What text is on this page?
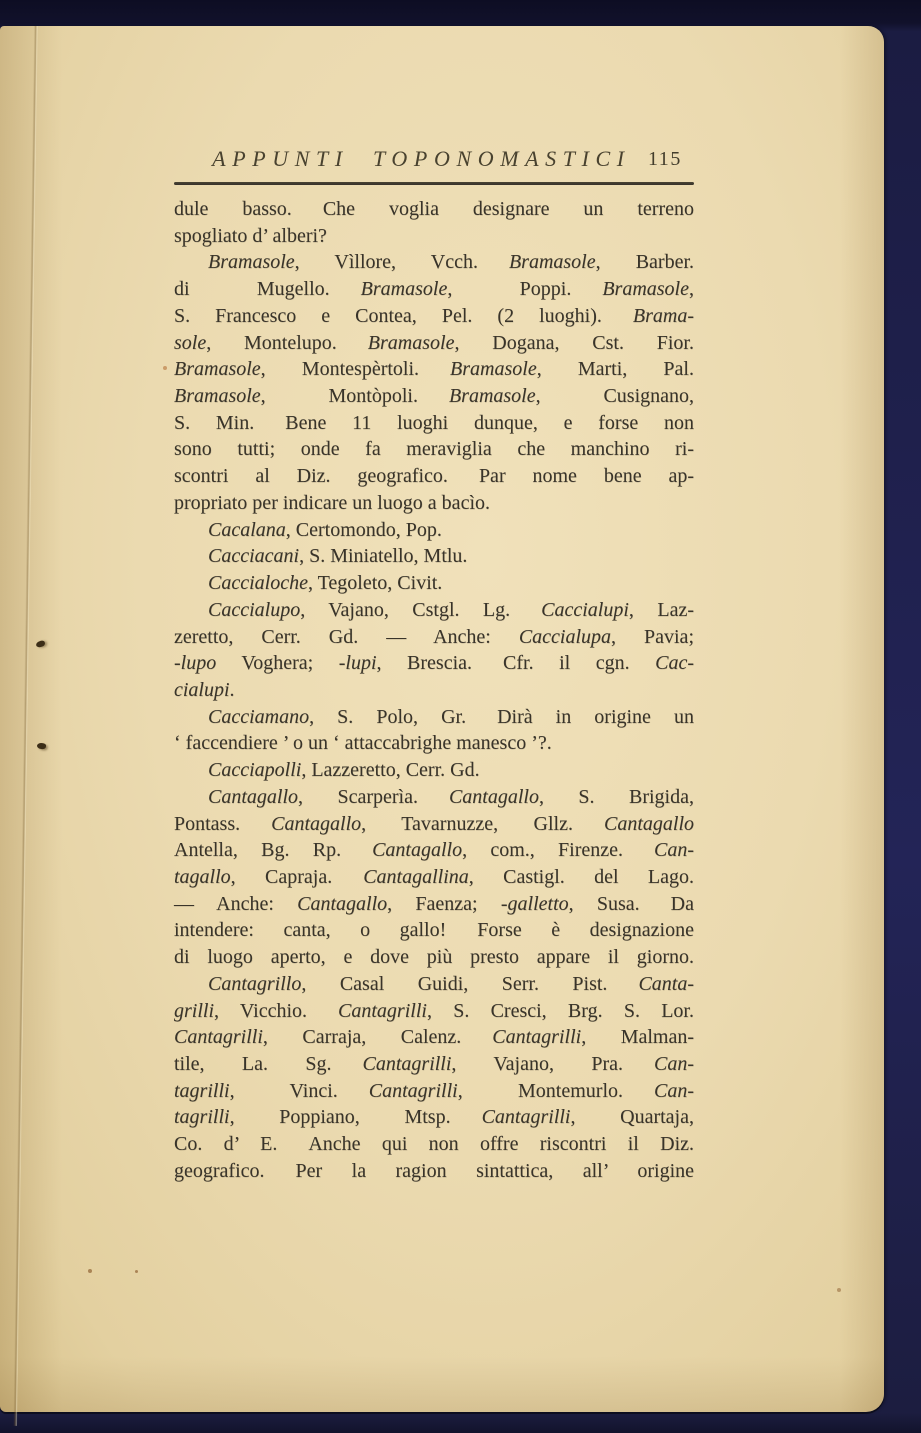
APPUNTI TOPONOMASTICI 115
dule basso. Che voglia designare un terreno
spogliato d’ alberi?
Bramasole, Vìllore, Vcch. Bramasole, Barber.
di Mugello. Bramasole, Poppi. Bramasole,
S. Francesco e Contea, Pel. (2 luoghi). Brama-
sole, Montelupo. Bramasole, Dogana, Cst. Fior.
Bramasole, Montespèrtoli. Bramasole, Marti, Pal.
Bramasole, Montòpoli. Bramasole, Cusignano,
S. Min. Bene 11 luoghi dunque, e forse non
sono tutti; onde fa meraviglia che manchino ri-
scontri al Diz. geografico. Par nome bene ap-
propriato per indicare un luogo a bacìo.
Cacalana, Certomondo, Pop.
Cacciacani, S. Miniatello, Mtlu.
Caccialoche, Tegoleto, Civit.
Caccialupo, Vajano, Cstgl. Lg. Caccialupi, Laz-
zeretto, Cerr. Gd. — Anche: Caccialupa, Pavia;
-lupo Voghera; -lupi, Brescia. Cfr. il cgn. Cac-
cialupi.
Cacciamano, S. Polo, Gr. Dirà in origine un
‘ faccendiere ’ o un ‘ attaccabrighe manesco ’?.
Cacciapolli, Lazzeretto, Cerr. Gd.
Cantagallo, Scarperìa. Cantagallo, S. Brigida,
Pontass. Cantagallo, Tavarnuzze, Gllz. Cantagallo
Antella, Bg. Rp. Cantagallo, com., Firenze. Can-
tagallo, Capraja. Cantagallina, Castigl. del Lago.
— Anche: Cantagallo, Faenza; -galletto, Susa. Da
intendere: canta, o gallo! Forse è designazione
di luogo aperto, e dove più presto appare il giorno.
Cantagrillo, Casal Guidi, Serr. Pist. Canta-
grilli, Vicchio. Cantagrilli, S. Cresci, Brg. S. Lor.
Cantagrilli, Carraja, Calenz. Cantagrilli, Malman-
tile, La. Sg. Cantagrilli, Vajano, Pra. Can-
tagrilli, Vinci. Cantagrilli, Montemurlo. Can-
tagrilli, Poppiano, Mtsp. Cantagrilli, Quartaja,
Co. d’ E. Anche qui non offre riscontri il Diz.
geografico. Per la ragion sintattica, all’ origine
